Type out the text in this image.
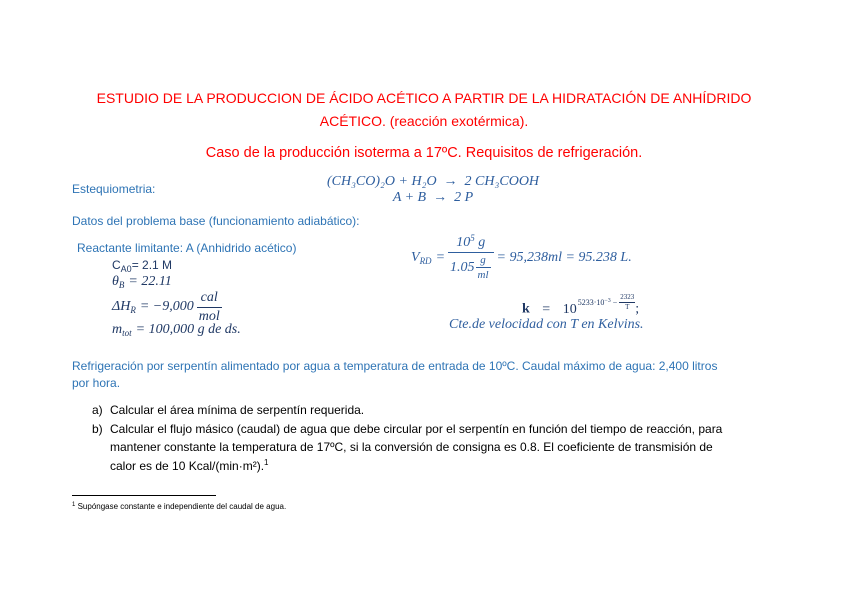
ESTUDIO DE LA PRODUCCION DE ÁCIDO ACÉTICO A PARTIR DE LA HIDRATACIÓN DE ANHÍDRIDO
ACÉTICO. (reacción exotérmica).
Caso de la producción isoterma a 17ºC. Requisitos de refrigeración.
Estequiometria:	(CH₃CO)₂O + H₂O  →  2 CH₃COOH
A + B  →  2 P
Datos del problema base (funcionamiento adiabático):
Reactante limitante: A (Anhidrido acético)
$C_{A0}= 2.1$ M
$\theta_B = 22.11$
$\Delta H_R = -9,000 \frac{\text{cal}}{\text{mol}}$
$m_{tot} = 100,000$ g de ds.
$V_{RD} = \frac{10^5 g}{1.05 \frac{g}{ml}} = 95,238ml = 95.238$ L.
k = 10 $5233\cdot 10^{-3} - \frac{2323}{T}$ ;
Cte.de velocidad con T en Kelvins.
Refrigeración por serpentín alimentado por agua a temperatura de entrada de 10ºC. Caudal máximo de agua: 2,400 litros
por hora.
a) Calcular el área mínima de serpentín requerida.
b) Calcular el flujo másico (caudal) de agua que debe circular por el serpentín en función del tiempo de reacción, para
mantener constante la temperatura de 17ºC, si la conversión de consigna es 0.8. El coeficiente de transmisión de
calor es de 10 Kcal/(min·m²).$^1$
$^1$ Supóngase constante e independiente del caudal de agua.
